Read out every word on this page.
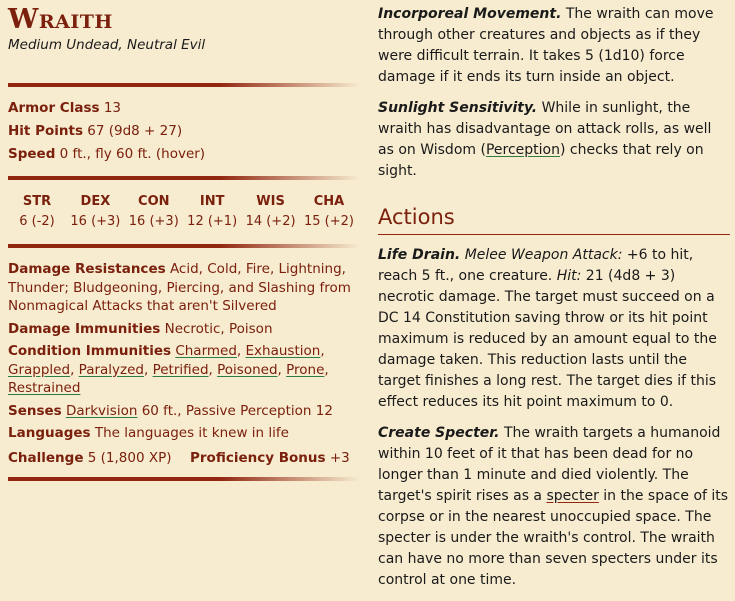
Wraith
Medium Undead, Neutral Evil
Armor Class 13
Hit Points 67 (9d8 + 27)
Speed 0 ft., fly 60 ft. (hover)
STR
6 (-2)
DEX
16 (+3)
CON
16 (+3)
INT
12 (+1)
WIS
14 (+2)
CHA
15 (+2)
Damage Resistances Acid, Cold, Fire, Lightning, Thunder; Bludgeoning, Piercing, and Slashing from Nonmagical Attacks that aren't Silvered
Damage Immunities Necrotic, Poison
Condition Immunities Charmed, Exhaustion, Grappled, Paralyzed, Petrified, Poisoned, Prone, Restrained
Senses Darkvision 60 ft., Passive Perception 12
Languages The languages it knew in life
Challenge 5 (1,800 XP)	Proficiency Bonus +3

Incorporeal Movement. The wraith can move through other creatures and objects as if they were difficult terrain. It takes 5 (1d10) force damage if it ends its turn inside an object.

Sunlight Sensitivity. While in sunlight, the wraith has disadvantage on attack rolls, as well as on Wisdom (Perception) checks that rely on sight.

Actions

Life Drain. Melee Weapon Attack: +6 to hit, reach 5 ft., one creature. Hit: 21 (4d8 + 3) necrotic damage. The target must succeed on a DC 14 Constitution saving throw or its hit point maximum is reduced by an amount equal to the damage taken. This reduction lasts until the target finishes a long rest. The target dies if this effect reduces its hit point maximum to 0.

Create Specter. The wraith targets a humanoid within 10 feet of it that has been dead for no longer than 1 minute and died violently. The target's spirit rises as a specter in the space of its corpse or in the nearest unoccupied space. The specter is under the wraith's control. The wraith can have no more than seven specters under its control at one time.
